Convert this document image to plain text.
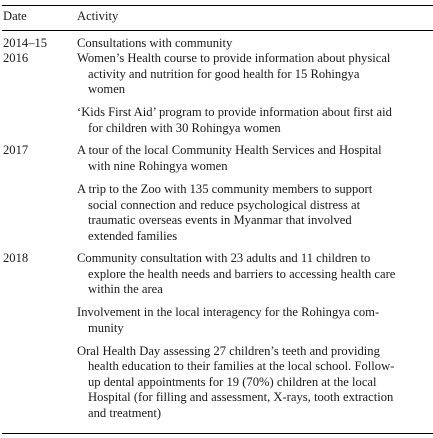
Date	Activity
2014–15 Consultations with community
2016	Women’s Health course to provide information about physical
activity and nutrition for good health for 15 Rohingya
women
‘Kids First Aid’ program to provide information about first aid
for children with 30 Rohingya women
2017	A tour of the local Community Health Services and Hospital
with nine Rohingya women
A trip to the Zoo with 135 community members to support
social connection and reduce psychological distress at
traumatic overseas events in Myanmar that involved
extended families
2018	Community consultation with 23 adults and 11 children to
explore the health needs and barriers to accessing health care
within the area
Involvement in the local interagency for the Rohingya com-
munity
Oral Health Day assessing 27 children’s teeth and providing
health education to their families at the local school. Follow-
up dental appointments for 19 (70%) children at the local
Hospital (for filling and assessment, X-rays, tooth extraction
and treatment)
